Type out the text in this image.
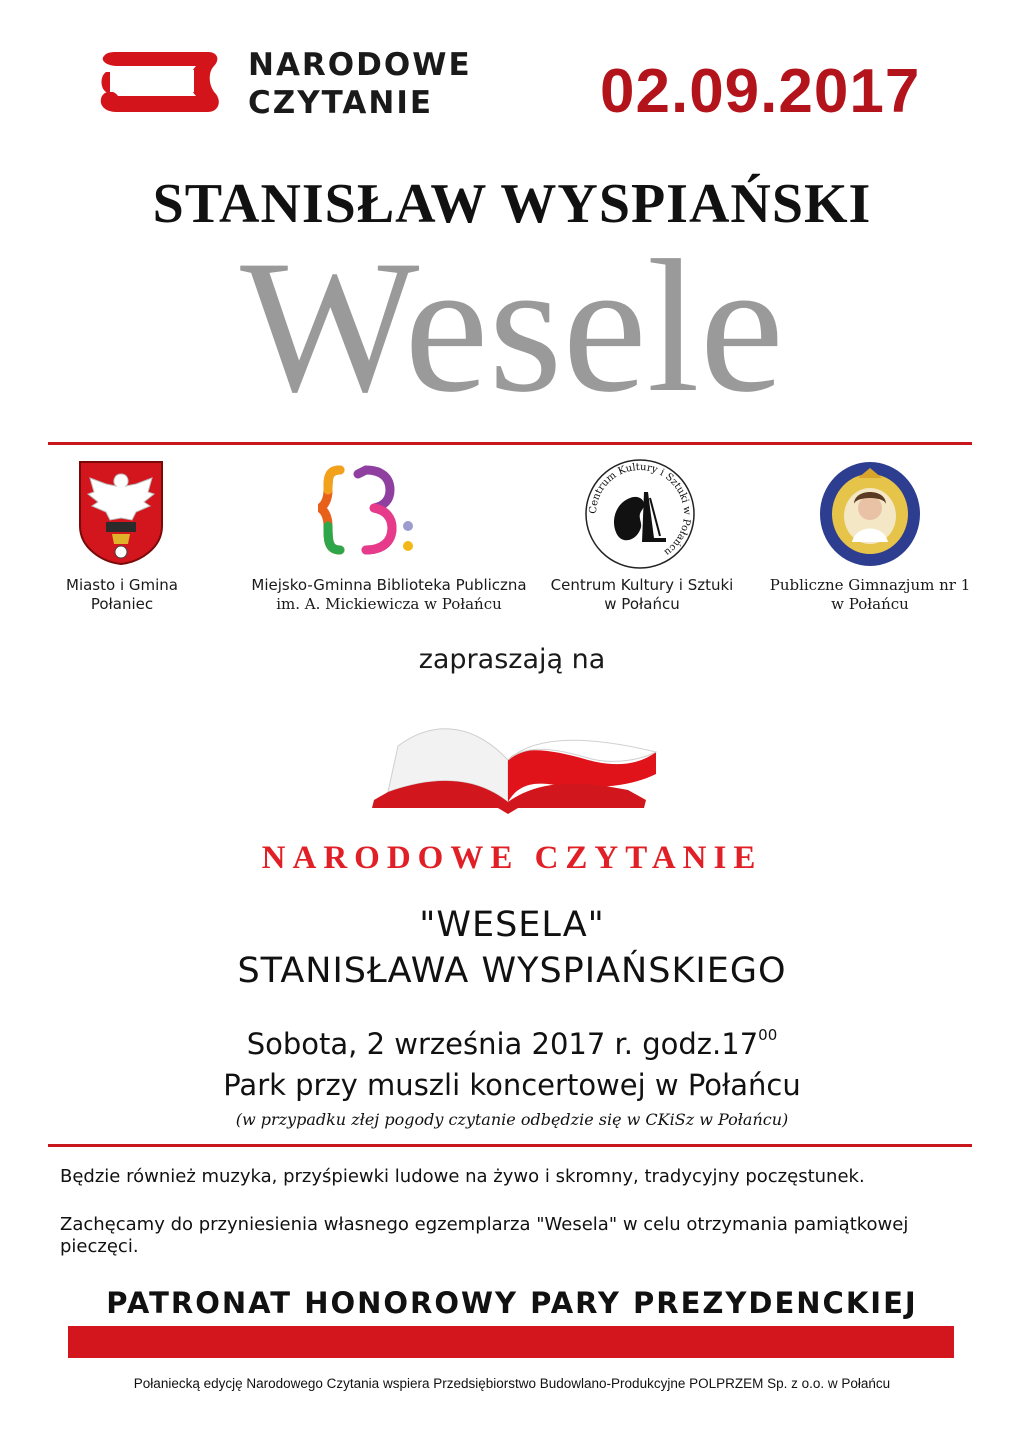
NARODOWE
CZYTANIE	02.09.2017
STANISŁAW WYSPIAŃSKI
Wesele
Centrum Kultury i Sztuki w Połańcu
Miasto i Gmina
Połaniec
Miejsko-Gminna Biblioteka Publiczna
im. A. Mickiewicza w Połańcu
Centrum Kultury i Sztuki
w Połańcu
Publiczne Gimnazjum nr 1
w Połańcu
zapraszają na
NARODOWE CZYTANIE
"WESELA"
STANISŁAWA WYSPIAŃSKIEGO
Sobota, 2 września 2017 r. $godz.17^{00}$
Park przy muszli koncertowej w Połańcu
(w przypadku złej pogody czytanie odbędzie się w CKiSz w Połańcu)
Będzie również muzyka, przyśpiewki ludowe na żywo i skromny, tradycyjny poczęstunek.
Zachęcamy do przyniesienia własnego egzemplarza "Wesela" w celu otrzymania pamiątkowej pieczęci.
PATRONAT HONOROWY PARY PREZYDENCKIEJ
Połaniecką edycję Narodowego Czytania wspiera Przedsiębiorstwo Budowlano-Produkcyjne POLPRZEM Sp. z o.o. w Połańcu
